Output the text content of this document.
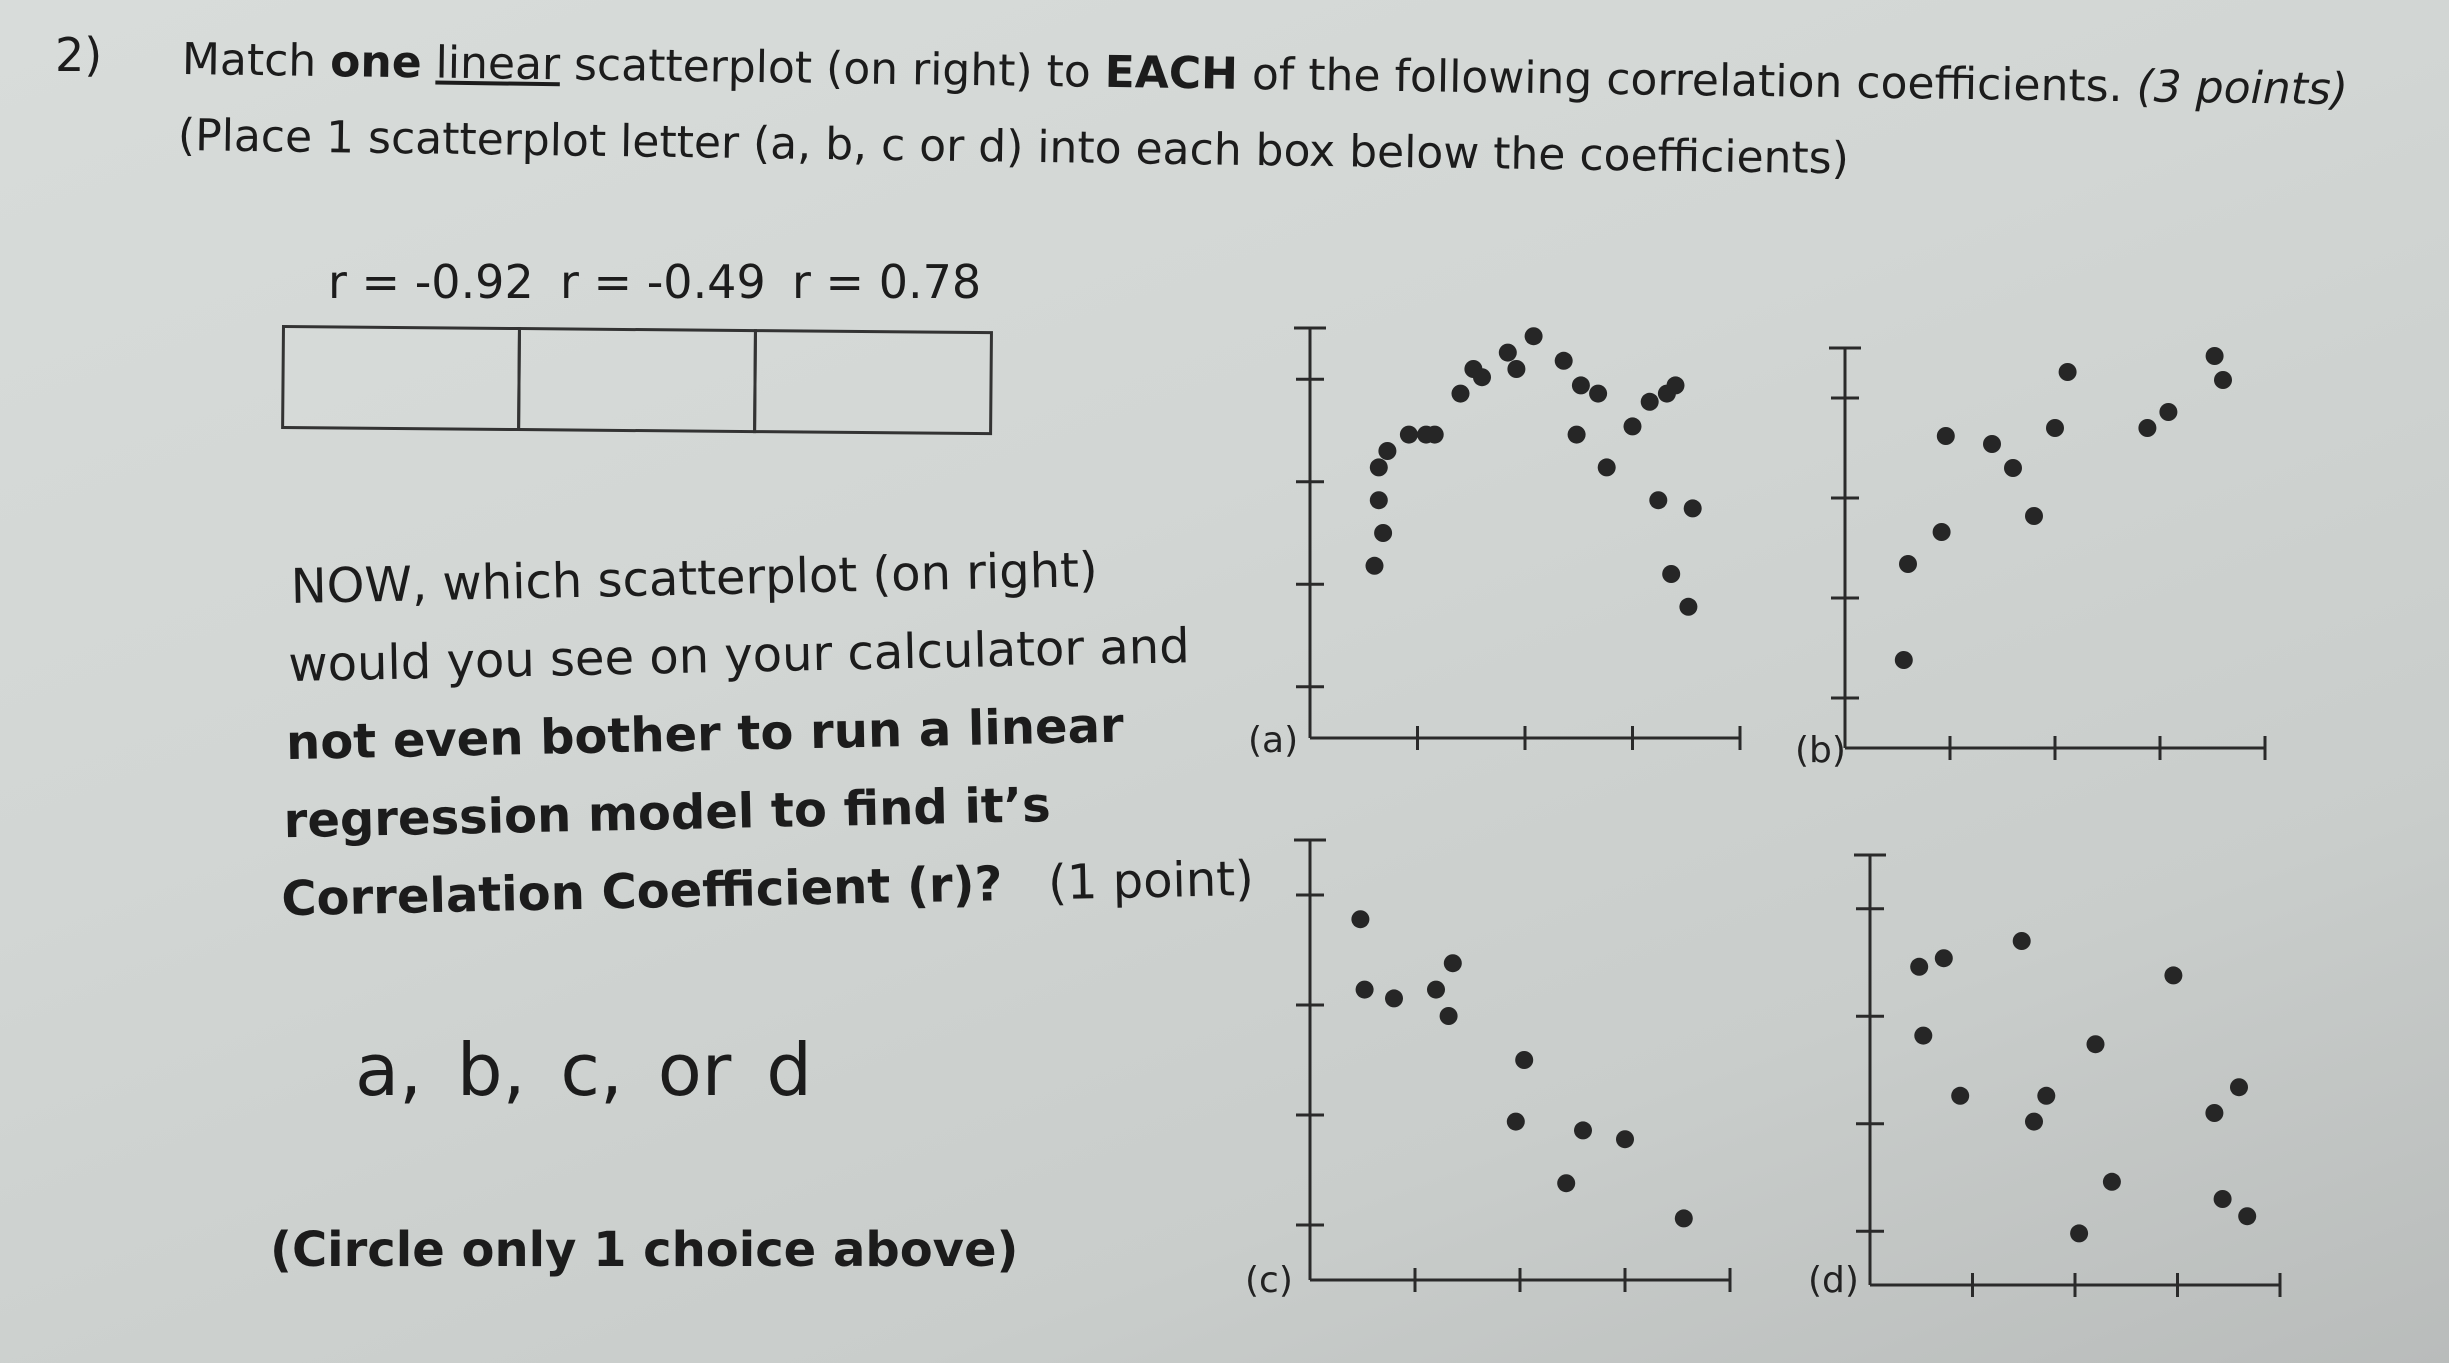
2) Match one linear scatterplot (on right) to EACH of the following correlation coefficients. (3 points)
(Place 1 scatterplot letter (a, b, c or d) into each box below the coefficients)
r = -0.92 r = -0.49 r = 0.78
NOW, which scatterplot (on right)
would you see on your calculator and
not even bother to run a linear
regression model to find it’s
Correlation Coefficient (r)? (1 point)
a, b, c, or d
(Circle only 1 choice above)
(a)	(b)
(c)	(d)
